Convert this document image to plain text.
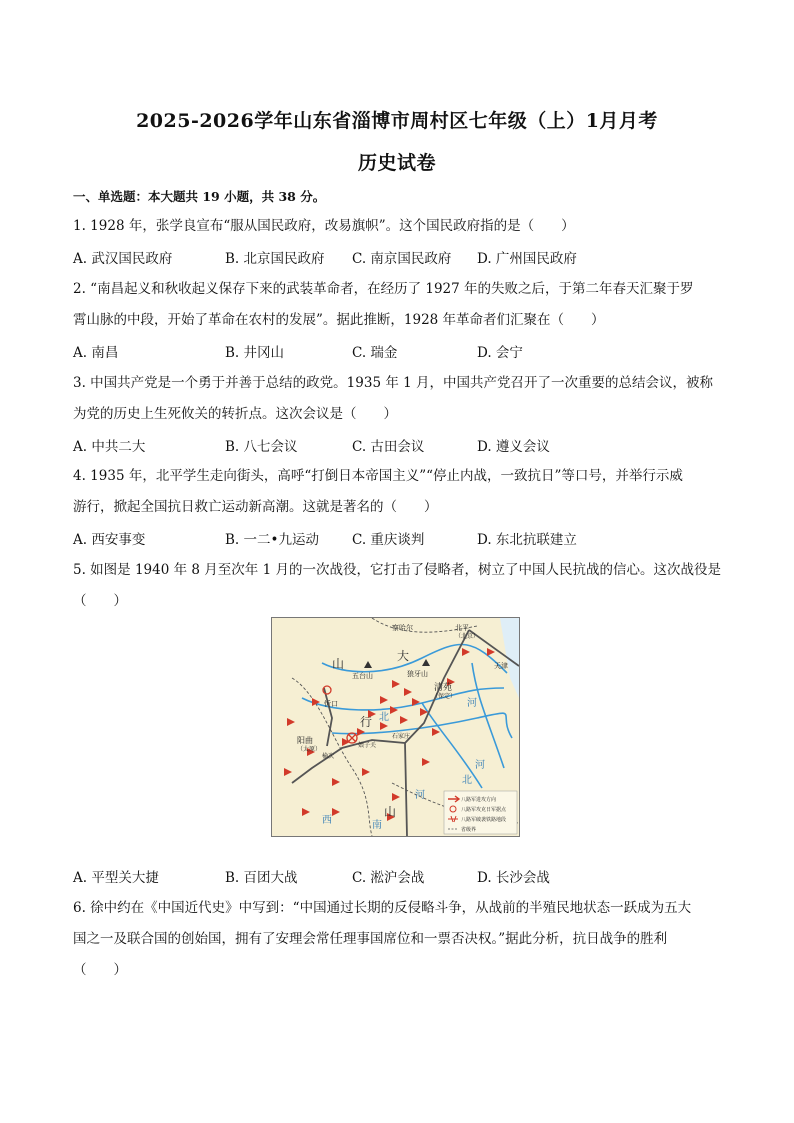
2025-2026学年山东省淄博市周村区七年级（上）1月月考
历史试卷
一、单选题：本大题共 19 小题，共 38 分。
1. 1928 年，张学良宣布“服从国民政府，改易旗帜”。这个国民政府指的是（　　）
A. 武汉国民政府	B. 北京国民政府 C. 南京国民政府 D. 广州国民政府
2. “南昌起义和秋收起义保存下来的武装革命者，在经历了 1927 年的失败之后，于第二年春天汇聚于罗
霄山脉的中段，开始了革命在农村的发展”。据此推断，1928 年革命者们汇聚在（　　）
A. 南昌	B. 井冈山	C. 瑞金	D. 会宁
3. 中国共产党是一个勇于并善于总结的政党。1935 年 1 月，中国共产党召开了一次重要的总结会议，被称
为党的历史上生死攸关的转折点。这次会议是（　　）
A. 中共二大	B. 八七会议	C. 古田会议	D. 遵义会议
4. 1935 年，北平学生走向街头，高呼“打倒日本帝国主义”“停止内战，一致抗日”等口号，并举行示威
游行，掀起全国抗日救亡运动新高潮。这就是著名的（　　）
A. 西安事变	B. 一二•九运动 C. 重庆谈判	D. 东北抗联建立
5. 如图是 1940 年 8 月至次年 1 月的一次战役，它打击了侵略者，树立了中国人民抗战的信心。这次战役是
（　　）
察哈尔	北平
（北京）
天津
五台山	狼牙山
清苑
（保定）
忻口
阳曲
（太原）
娘子关
石家庄
榆次
大
山
行
山
河
北
河
北
西	南
河	八路军进攻方向
八路军攻克日军据点
八路军破袭铁路地段
省级界
A. 平型关大捷	B. 百团大战	C. 淞沪会战	D. 长沙会战
6. 徐中约在《中国近代史》中写到：“中国通过长期的反侵略斗争，从战前的半殖民地状态一跃成为五大
国之一及联合国的创始国，拥有了安理会常任理事国席位和一票否决权。”据此分析，抗日战争的胜利
（　　）
